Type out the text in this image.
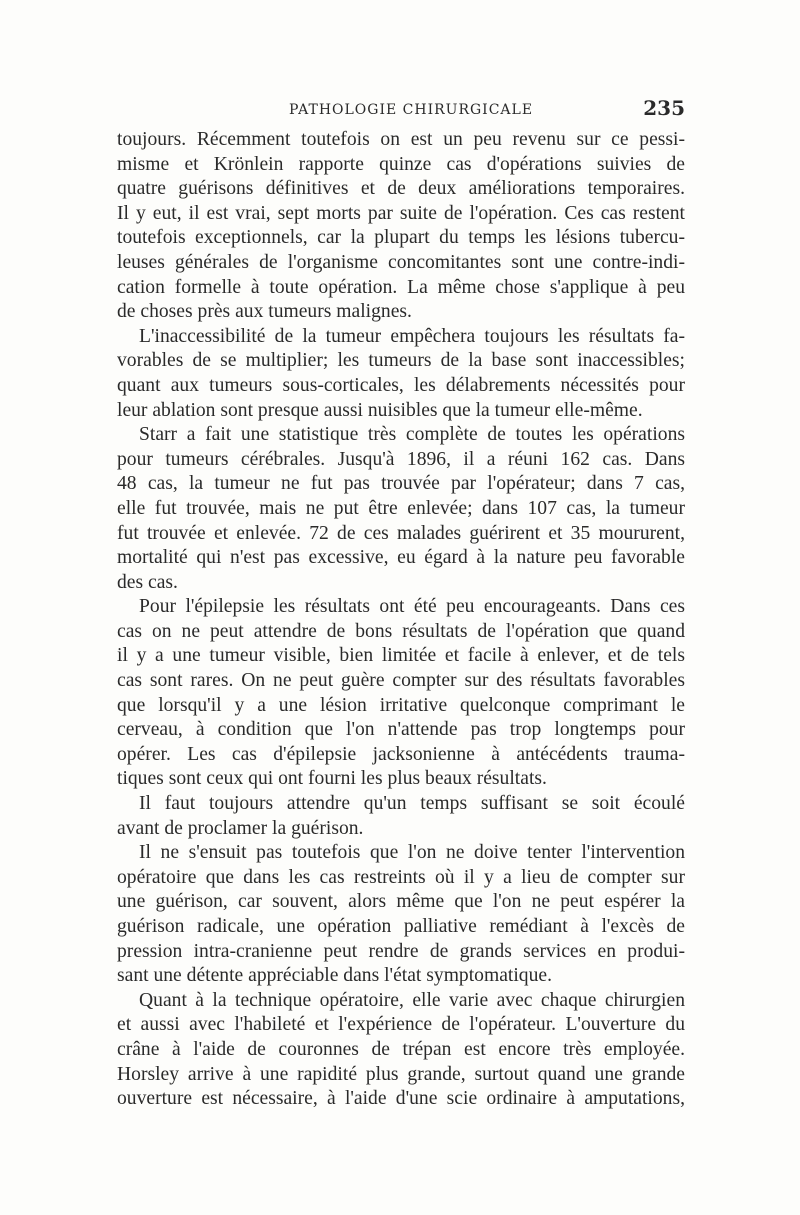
PATHOLOGIE CHIRURGICALE	235
toujours. Récemment toutefois on est un peu revenu sur ce pessi-
misme et Krönlein rapporte quinze cas d'opérations suivies de
quatre guérisons définitives et de deux améliorations temporaires.
Il y eut, il est vrai, sept morts par suite de l'opération. Ces cas restent
toutefois exceptionnels, car la plupart du temps les lésions tubercu-
leuses générales de l'organisme concomitantes sont une contre-indi-
cation formelle à toute opération. La même chose s'applique à peu
de choses près aux tumeurs malignes.
L'inaccessibilité de la tumeur empêchera toujours les résultats fa-
vorables de se multiplier; les tumeurs de la base sont inaccessibles;
quant aux tumeurs sous-corticales, les délabrements nécessités pour
leur ablation sont presque aussi nuisibles que la tumeur elle-même.
Starr a fait une statistique très complète de toutes les opérations
pour tumeurs cérébrales. Jusqu'à 1896, il a réuni 162 cas. Dans
48 cas, la tumeur ne fut pas trouvée par l'opérateur; dans 7 cas,
elle fut trouvée, mais ne put être enlevée; dans 107 cas, la tumeur
fut trouvée et enlevée. 72 de ces malades guérirent et 35 moururent,
mortalité qui n'est pas excessive, eu égard à la nature peu favorable
des cas.
Pour l'épilepsie les résultats ont été peu encourageants. Dans ces
cas on ne peut attendre de bons résultats de l'opération que quand
il y a une tumeur visible, bien limitée et facile à enlever, et de tels
cas sont rares. On ne peut guère compter sur des résultats favorables
que lorsqu'il y a une lésion irritative quelconque comprimant le
cerveau, à condition que l'on n'attende pas trop longtemps pour
opérer. Les cas d'épilepsie jacksonienne à antécédents trauma-
tiques sont ceux qui ont fourni les plus beaux résultats.
Il faut toujours attendre qu'un temps suffisant se soit écoulé
avant de proclamer la guérison.
Il ne s'ensuit pas toutefois que l'on ne doive tenter l'intervention
opératoire que dans les cas restreints où il y a lieu de compter sur
une guérison, car souvent, alors même que l'on ne peut espérer la
guérison radicale, une opération palliative remédiant à l'excès de
pression intra-cranienne peut rendre de grands services en produi-
sant une détente appréciable dans l'état symptomatique.
Quant à la technique opératoire, elle varie avec chaque chirurgien
et aussi avec l'habileté et l'expérience de l'opérateur. L'ouverture du
crâne à l'aide de couronnes de trépan est encore très employée.
Horsley arrive à une rapidité plus grande, surtout quand une grande
ouverture est nécessaire, à l'aide d'une scie ordinaire à amputations,
